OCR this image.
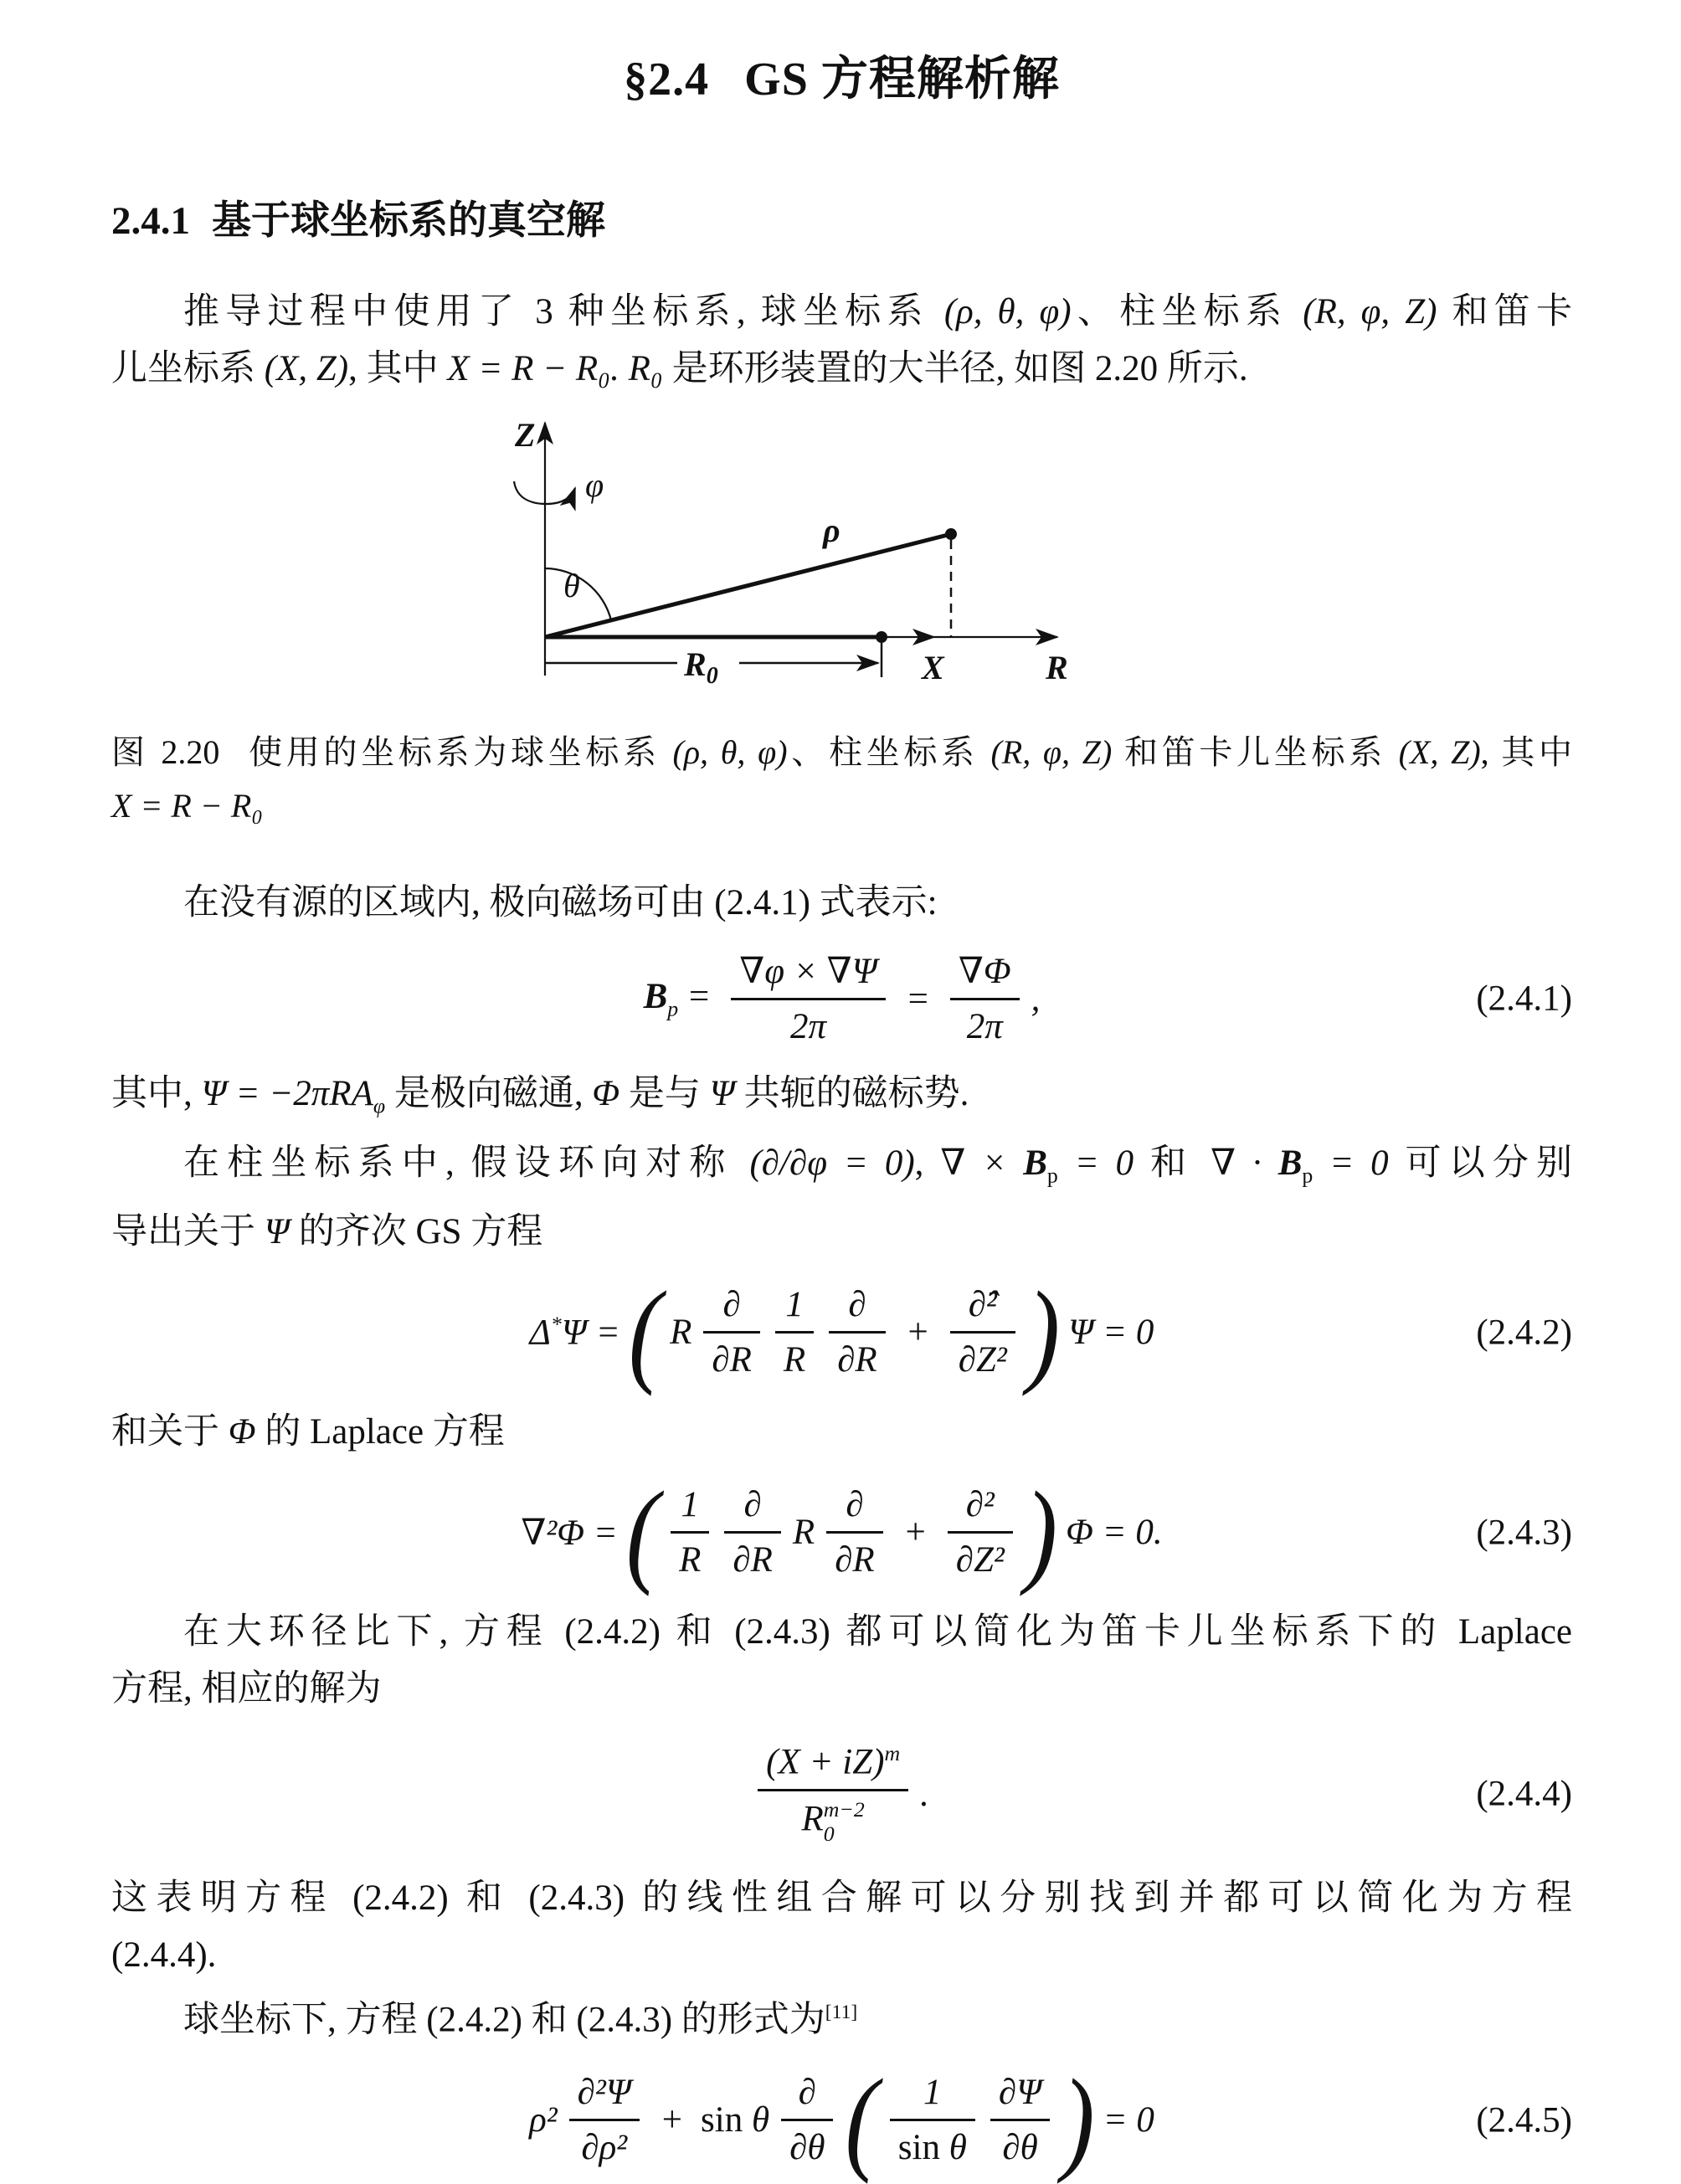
§2.4 GS 方程解析解
2.4.1 基于球坐标系的真空解
推导过程中使用了 3 种坐标系, 球坐标系 (ρ, θ, φ)、柱坐标系 (R, φ, Z) 和笛卡
儿坐标系 (X, Z), 其中 X = R − R₀. R₀ 是环形装置的大半径, 如图 2.20 所示.
Z
φ
θ
ρ
$R_0$	X	R
图 2.20 使用的坐标系为球坐标系 (ρ, θ, φ)、柱坐标系 (R, φ, Z) 和笛卡儿坐标系 (X, Z), 其中
X = R − R₀
在没有源的区域内, 极向磁场可由 (2.4.1) 式表示:
$B_p = \frac{\nabla\varphi \times \nabla\Psi}{2\pi} = \frac{\nabla\Phi}{2\pi}$ ,	(2.4.1)
其中, Ψ = −2πRA$_\varphi$ 是极向磁通, Φ 是与 Ψ 共轭的磁标势.
在柱坐标系中, 假设环向对称 (∂/∂φ = 0), ∇ × $B_p = 0$ 和 ∇ · $B_p = 0$ 可以分别
导出关于 Ψ 的齐次 GS 方程
Δ*Ψ = ( R $\frac{\partial}{\partial R} \frac{1}{R} \frac{\partial}{\partial R} + \frac{\text{∂̂²}}{\text{∂Z²}}$ ) Ψ = 0	(2.4.2)
和关于 Φ 的 Laplace 方程
∇²Φ = ( $\frac{1}{R} \frac{\partial}{\partial R}$ R $\frac{\partial}{\partial R} + \frac{\text{∂²}}{\text{∂Z²}}$ ) Φ = 0.	(2.4.3)
在大环径比下, 方程 (2.4.2) 和 (2.4.3) 都可以简化为笛卡儿坐标系下的 Laplace
方程, 相应的解为
(X + iZ)$^m$
R m−2
0 .	(2.4.4)
这表明方程 (2.4.2) 和 (2.4.3) 的线性组合解可以分别找到并都可以简化为方程
(2.4.4).
球坐标下, 方程 (2.4.2) 和 (2.4.3) 的形式为[11]
$\rho^2 \frac{\text{∂²Ψ}}{\text{∂ρ²}} + \sin \theta \frac{\partial}{\partial\theta}$ ( $\frac{1}{\text{sin θ}} \frac{\partial\Psi}{\partial\theta}$ ) = 0	(2.4.5)
